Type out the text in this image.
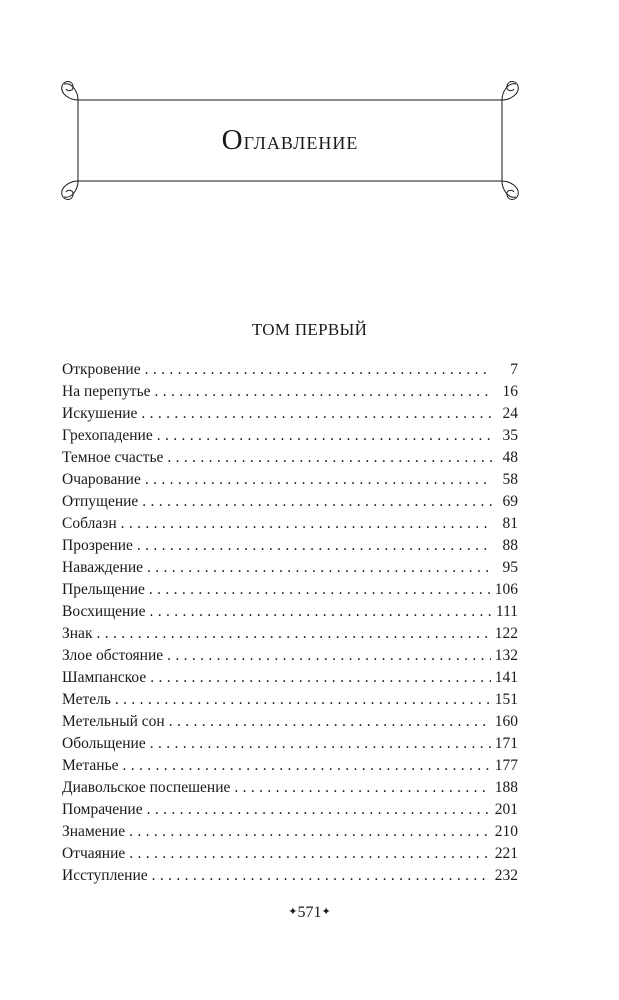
Оглавление
ТОМ ПЕРВЫЙ
Откровение . . .	7
На перепутье . . .	16
Искушение . . .	24
Грехопадение . . .	35
Темное счастье . . .	48
Очарование . . .	58
Отпущение . . .	69
Соблазн . . .	81
Прозрение . . .	88
Наваждение . . .	95
Прельщение . . .	106
Восхищение . . .	111
Знак . . .	122
Злое обстояние . . .	132
Шампанское . . .	141
Метель . . .	151
Метельный сон . . .	160
Обольщение . . .	171
Метанье . . .	177
Диавольское поспешение . . .	188
Помрачение . . .	201
Знамение . . .	210
Отчаяние . . .	221
Исступление . . .	232
✦571✦
